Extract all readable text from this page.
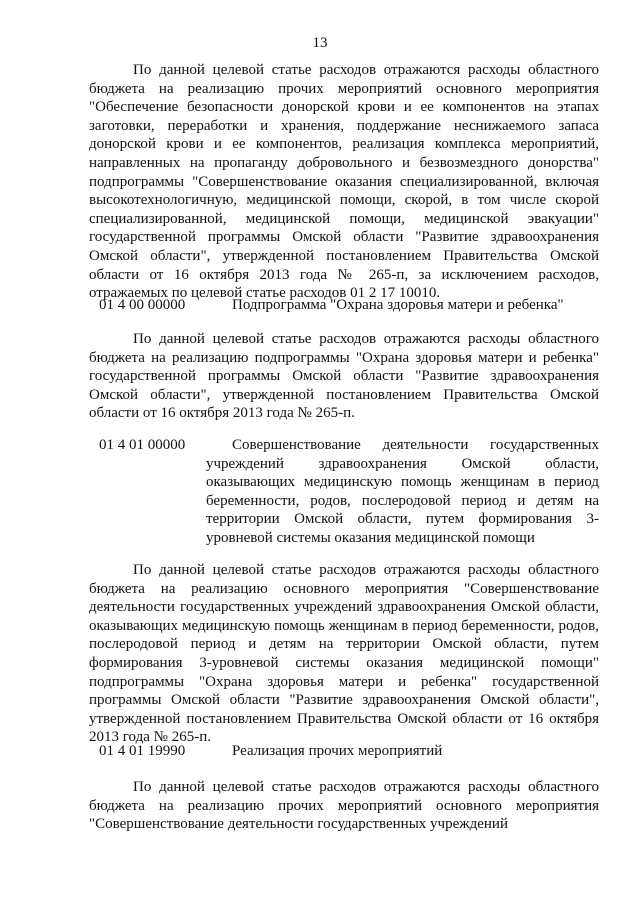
13

По данной целевой статье расходов отражаются расходы областного бюджета на реализацию прочих мероприятий основного мероприятия "Обеспечение безопасности донорской крови и ее компонентов на этапах заготовки, переработки и хранения, поддержание неснижаемого запаса донорской крови и ее компонентов, реализация комплекса мероприятий, направленных на пропаганду добровольного и безвозмездного донорства" подпрограммы "Совершенствование оказания специализированной, включая высокотехнологичную, медицинской помощи, скорой, в том числе скорой специализированной, медицинской помощи, медицинской эвакуации" государственной программы Омской области "Развитие здравоохранения Омской области", утвержденной постановлением Правительства Омской области от 16 октября 2013 года № 265-п, за исключением расходов, отражаемых по целевой статье расходов 01 2 17 10010.

01 4 00 00000	Подпрограмма "Охрана здоровья матери и ребенка"

По данной целевой статье расходов отражаются расходы областного бюджета на реализацию подпрограммы "Охрана здоровья матери и ребенка" государственной программы Омской области "Развитие здравоохранения Омской области", утвержденной постановлением Правительства Омской области от 16 октября 2013 года № 265-п.

01 4 01 00000	Совершенствование деятельности государственных учреждений здравоохранения Омской области, оказывающих медицинскую помощь женщинам в период беременности, родов, послеродовой период и детям на территории Омской области, путем формирования 3-уровневой системы оказания медицинской помощи

По данной целевой статье расходов отражаются расходы областного бюджета на реализацию основного мероприятия "Совершенствование деятельности государственных учреждений здравоохранения Омской области, оказывающих медицинскую помощь женщинам в период беременности, родов, послеродовой период и детям на территории Омской области, путем формирования 3-уровневой системы оказания медицинской помощи" подпрограммы "Охрана здоровья матери и ребенка" государственной программы Омской области "Развитие здравоохранения Омской области", утвержденной постановлением Правительства Омской области от 16 октября 2013 года № 265-п.

01 4 01 19990	Реализация прочих мероприятий

По данной целевой статье расходов отражаются расходы областного бюджета на реализацию прочих мероприятий основного мероприятия "Совершенствование деятельности государственных учреждений
